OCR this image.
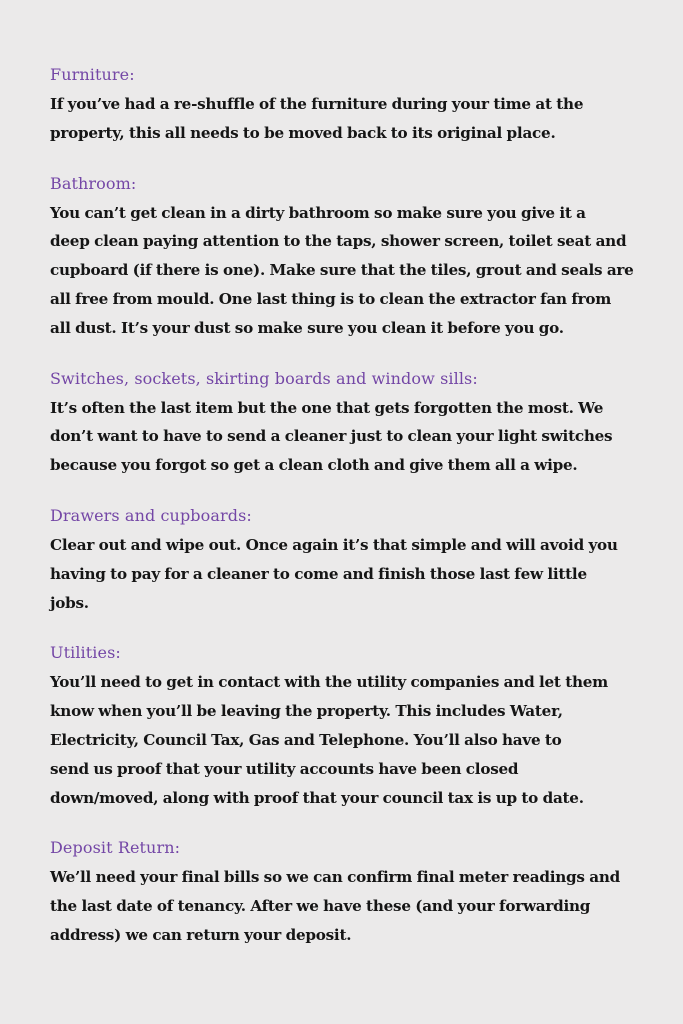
Furniture:

If you’ve had a re-shuffle of the furniture during your time at the
property, this all needs to be moved back to its original place.

Bathroom:

You can’t get clean in a dirty bathroom so make sure you give it a
deep clean paying attention to the taps, shower screen, toilet seat and
cupboard (if there is one). Make sure that the tiles, grout and seals are
all free from mould. One last thing is to clean the extractor fan from
all dust. It’s your dust so make sure you clean it before you go.

Switches, sockets, skirting boards and window sills:

It’s often the last item but the one that gets forgotten the most. We
don’t want to have to send a cleaner just to clean your light switches
because you forgot so get a clean cloth and give them all a wipe.

Drawers and cupboards:

Clear out and wipe out. Once again it’s that simple and will avoid you
having to pay for a cleaner to come and finish those last few little
jobs.

Utilities:

You’ll need to get in contact with the utility companies and let them
know when you’ll be leaving the property. This includes Water,
Electricity, Council Tax, Gas and Telephone. You’ll also have to
send us proof that your utility accounts have been closed
down/moved, along with proof that your council tax is up to date.

Deposit Return:

We’ll need your final bills so we can confirm final meter readings and
the last date of tenancy. After we have these (and your forwarding
address) we can return your deposit.
